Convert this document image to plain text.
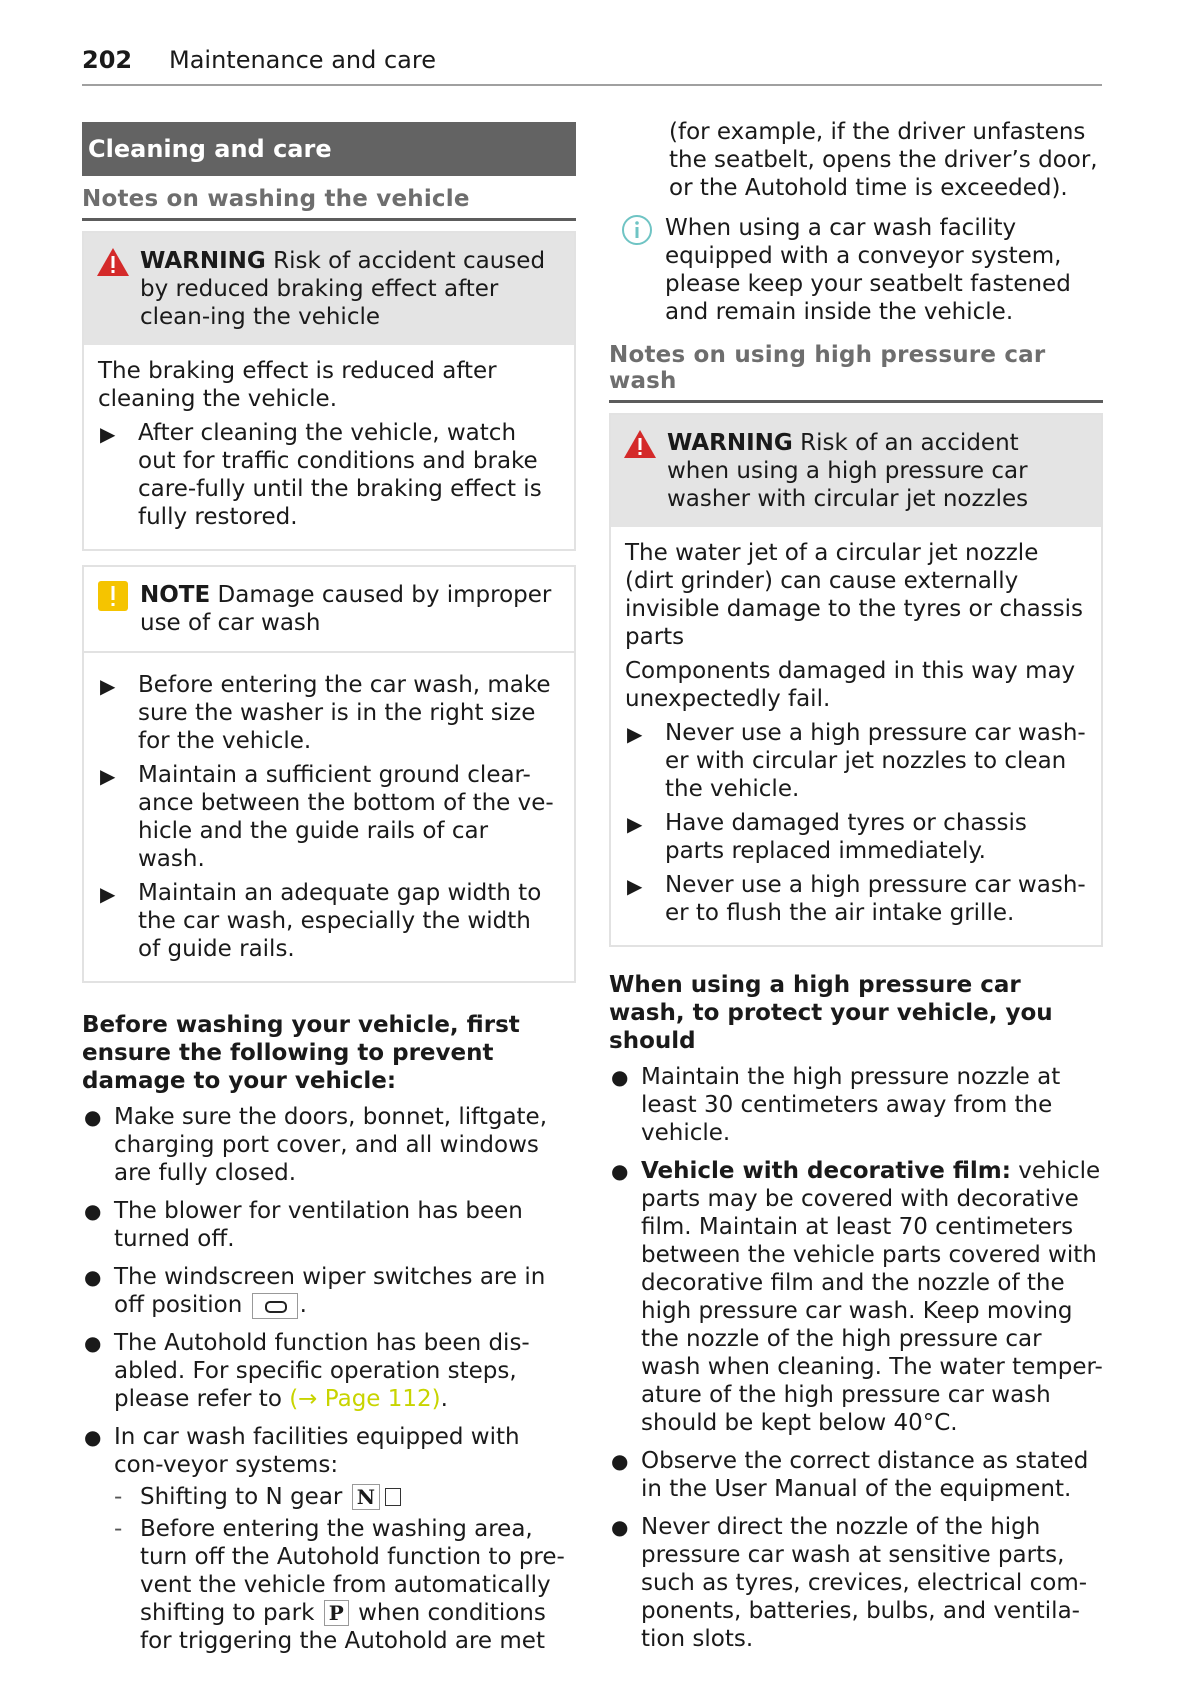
202 Maintenance and care
Cleaning and care
Notes on washing the vehicle
WARNING Risk of accident caused by reduced braking effect after clean-ing the vehicle

The braking effect is reduced after cleaning the vehicle.

▶ After cleaning the vehicle, watch out for traffic conditions and brake care-fully until the braking effect is fully restored.
NOTE Damage caused by improper use of car wash
▶ Before entering the car wash, make sure the washer is in the right size for the vehicle.
▶ Maintain a sufficient ground clear-ance between the bottom of the ve-hicle and the guide rails of car wash.
▶ Maintain an adequate gap width to the car wash, especially the width of guide rails.
Before washing your vehicle, first ensure the following to prevent damage to your vehicle:
● Make sure the doors, bonnet, liftgate, charging port cover, and all windows are fully closed.
● The blower for ventilation has been turned off.
● The windscreen wiper switches are in off position .
● The Autohold function has been dis-abled. For specific operation steps, please refer to (→ Page 112).
● In car wash facilities equipped with con-veyor systems:
- Shifting to N gear N
- Before entering the washing area, turn off the Autohold function to pre-vent the vehicle from automatically shifting to park P when conditions for triggering the Autohold are met

(for example, if the driver unfastens the seatbelt, opens the driver’s door, or the Autohold time is exceeded).

When using a car wash facility equipped with a conveyor system, please keep your seatbelt fastened and remain inside the vehicle.
Notes on using high pressure car wash
WARNING Risk of an accident when using a high pressure car washer with circular jet nozzles

The water jet of a circular jet nozzle (dirt grinder) can cause externally invisible damage to the tyres or chassis parts

Components damaged in this way may unexpectedly fail.

▶ Never use a high pressure car wash-er with circular jet nozzles to clean the vehicle.
▶ Have damaged tyres or chassis parts replaced immediately.
▶ Never use a high pressure car wash-er to flush the air intake grille.
When using a high pressure car wash, to protect your vehicle, you should
● Maintain the high pressure nozzle at least 30 centimeters away from the vehicle.
● Vehicle with decorative film: vehicle parts may be covered with decorative film. Maintain at least 70 centimeters between the vehicle parts covered with decorative film and the nozzle of the high pressure car wash. Keep moving the nozzle of the high pressure car wash when cleaning. The water temper-ature of the high pressure car wash should be kept below 40°C.
● Observe the correct distance as stated in the User Manual of the equipment.
● Never direct the nozzle of the high pressure car wash at sensitive parts, such as tyres, crevices, electrical com-ponents, batteries, bulbs, and ventila-tion slots.
